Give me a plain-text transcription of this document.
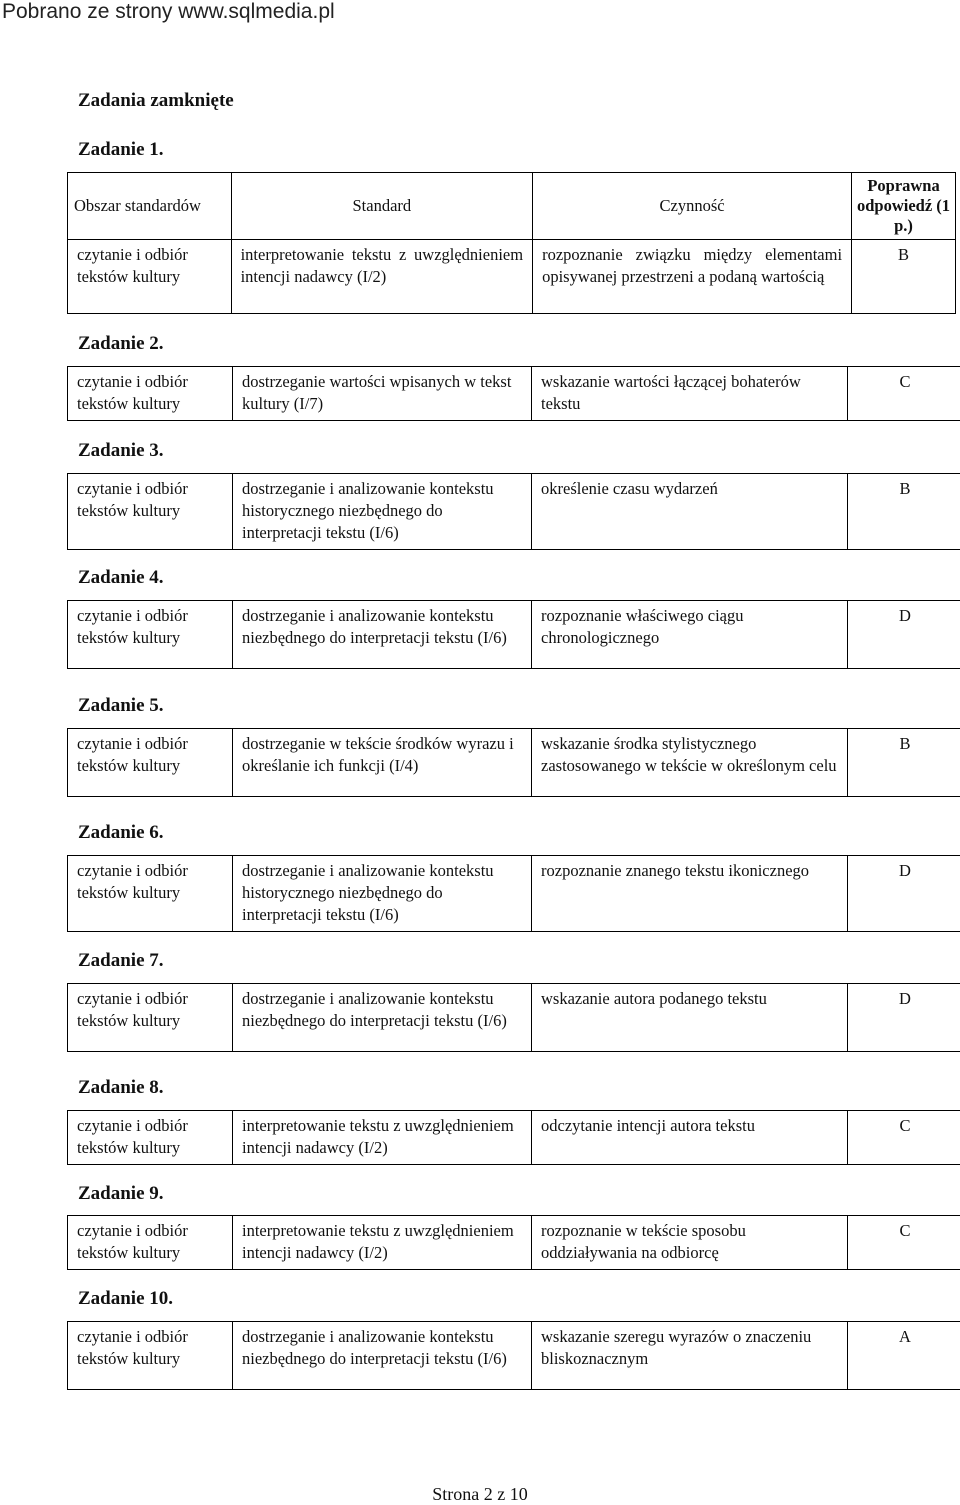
Pobrano ze strony www.sqlmedia.pl
Zadania zamknięte
Zadanie 1.
Obszar standardów	Standard	Czynność	Poprawna odpowiedź (1 p.)
czytanie i odbiór tekstów kultury	interpretowanie tekstu z uwzględnieniem intencji nadawcy (I/2)	rozpoznanie związku między elementami opisywanej przestrzeni a podaną wartością	B
Zadanie 2.
czytanie i odbiór tekstów kultury	dostrzeganie wartości wpisanych w tekst kultury (I/7)	wskazanie wartości łączącej bohaterów tekstu	C
Zadanie 3.
czytanie i odbiór tekstów kultury	dostrzeganie i analizowanie kontekstu historycznego niezbędnego do interpretacji tekstu (I/6)	określenie czasu wydarzeń	B
Zadanie 4.
czytanie i odbiór tekstów kultury	dostrzeganie i analizowanie kontekstu niezbędnego do interpretacji tekstu (I/6)	rozpoznanie właściwego ciągu chronologicznego	D
Zadanie 5.
czytanie i odbiór tekstów kultury	dostrzeganie w tekście środków wyrazu i określanie ich funkcji (I/4)	wskazanie środka stylistycznego zastosowanego w tekście w określonym celu	B
Zadanie 6.
czytanie i odbiór tekstów kultury	dostrzeganie i analizowanie kontekstu historycznego niezbędnego do interpretacji tekstu (I/6)	rozpoznanie znanego tekstu ikonicznego	D
Zadanie 7.
czytanie i odbiór tekstów kultury	dostrzeganie i analizowanie kontekstu niezbędnego do interpretacji tekstu (I/6)	wskazanie autora podanego tekstu	D
Zadanie 8.
czytanie i odbiór tekstów kultury	interpretowanie tekstu z uwzględnieniem intencji nadawcy (I/2)	odczytanie intencji autora tekstu	C
Zadanie 9.
czytanie i odbiór tekstów kultury	interpretowanie tekstu z uwzględnieniem intencji nadawcy (I/2)	rozpoznanie w tekście sposobu oddziaływania na odbiorcę	C
Zadanie 10.
czytanie i odbiór tekstów kultury	dostrzeganie i analizowanie kontekstu niezbędnego do interpretacji tekstu (I/6)	wskazanie szeregu wyrazów o znaczeniu bliskoznacznym	A
Strona 2 z 10
